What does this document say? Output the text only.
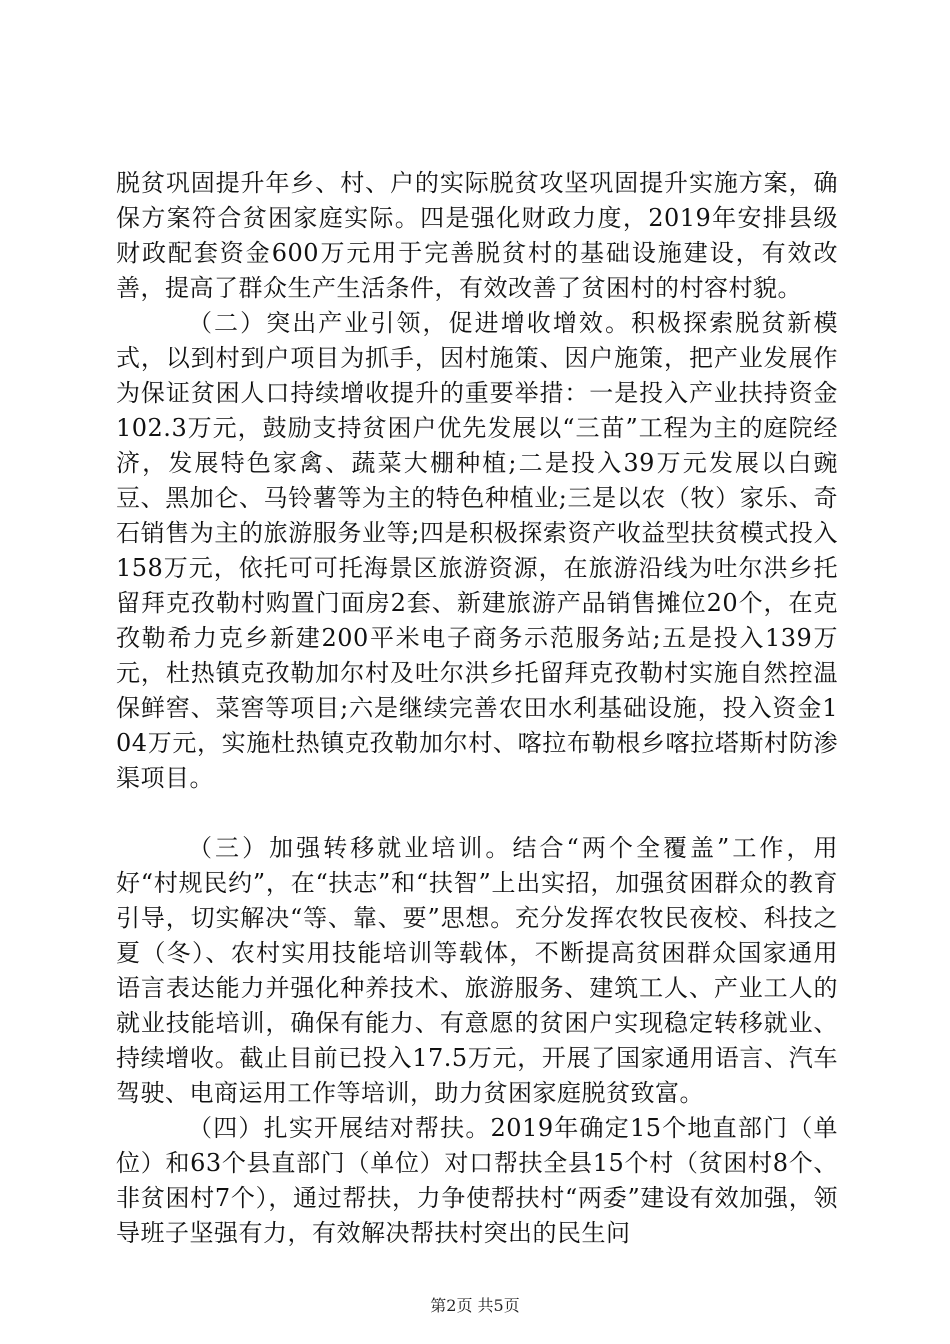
脱贫巩固提升年乡、村、户的实际脱贫攻坚巩固提升实施方案，确保方案符合贫困家庭实际。四是强化财政力度，2019年安排县级财政配套资金600万元用于完善脱贫村的基础设施建设，有效改善，提高了群众生产生活条件，有效改善了贫困村的村容村貌。

（二）突出产业引领，促进增收增效。积极探索脱贫新模式，以到村到户项目为抓手，因村施策、因户施策，把产业发展作为保证贫困人口持续增收提升的重要举措：一是投入产业扶持资金102.3万元，鼓励支持贫困户优先发展以“三苗”工程为主的庭院经济，发展特色家禽、蔬菜大棚种植;二是投入39万元发展以白豌豆、黑加仑、马铃薯等为主的特色种植业;三是以农（牧）家乐、奇石销售为主的旅游服务业等;四是积极探索资产收益型扶贫模式投入158万元，依托可可托海景区旅游资源，在旅游沿线为吐尔洪乡托留拜克孜勒村购置门面房2套、新建旅游产品销售摊位20个，在克孜勒希力克乡新建200平米电子商务示范服务站;五是投入139万元，杜热镇克孜勒加尔村及吐尔洪乡托留拜克孜勒村实施自然控温保鲜窖、菜窖等项目;六是继续完善农田水利基础设施，投入资金104万元，实施杜热镇克孜勒加尔村、喀拉布勒根乡喀拉塔斯村防渗渠项目。

（三）加强转移就业培训。结合“两个全覆盖”工作，用好“村规民约”，在“扶志”和“扶智”上出实招，加强贫困群众的教育引导，切实解决“等、靠、要”思想。充分发挥农牧民夜校、科技之夏（冬）、农村实用技能培训等载体，不断提高贫困群众国家通用语言表达能力并强化种养技术、旅游服务、建筑工人、产业工人的就业技能培训，确保有能力、有意愿的贫困户实现稳定转移就业、持续增收。截止目前已投入17.5万元，开展了国家通用语言、汽车驾驶、电商运用工作等培训，助力贫困家庭脱贫致富。

（四）扎实开展结对帮扶。2019年确定15个地直部门（单位）和63个县直部门（单位）对口帮扶全县15个村（贫困村8个、非贫困村7个），通过帮扶，力争使帮扶村“两委”建设有效加强，领导班子坚强有力，有效解决帮扶村突出的民生问

第2页 共5页
